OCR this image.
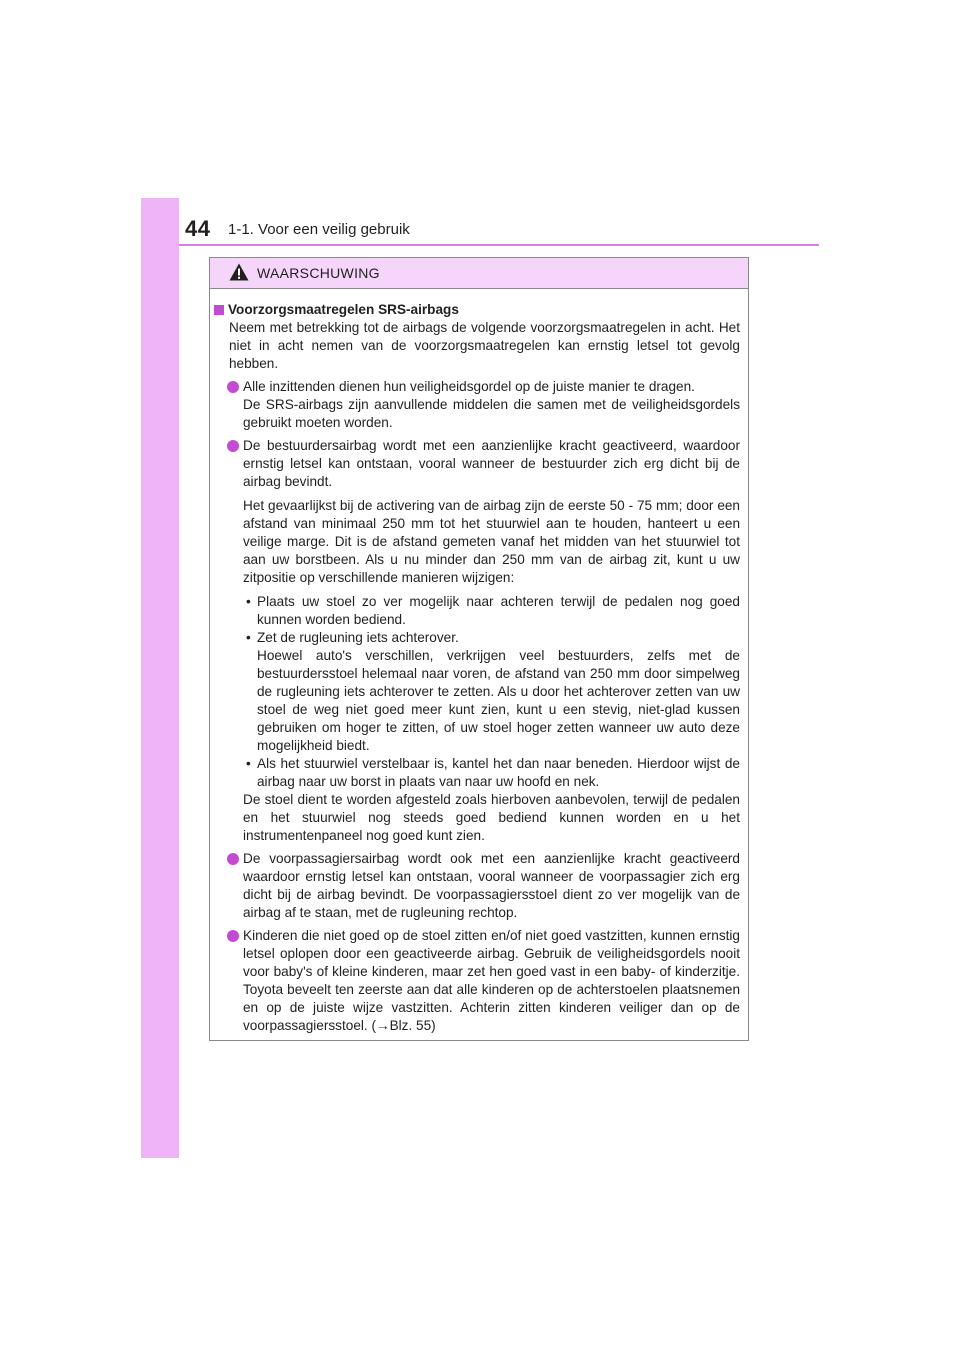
44 1-1. Voor een veilig gebruik
WAARSCHUWING
Voorzorgsmaatregelen SRS-airbags

Neem met betrekking tot de airbags de volgende voorzorgsmaatregelen in acht. Het niet in acht nemen van de voorzorgsmaatregelen kan ernstig letsel tot gevolg hebben.

Alle inzittenden dienen hun veiligheidsgordel op de juiste manier te dragen.

De SRS-airbags zijn aanvullende middelen die samen met de veiligheidsgordels gebruikt moeten worden.

De bestuurdersairbag wordt met een aanzienlijke kracht geactiveerd, waardoor ernstig letsel kan ontstaan, vooral wanneer de bestuurder zich erg dicht bij de airbag bevindt.

Het gevaarlijkst bij de activering van de airbag zijn de eerste 50 - 75 mm; door een afstand van minimaal 250 mm tot het stuurwiel aan te houden, hanteert u een veilige marge. Dit is de afstand gemeten vanaf het midden van het stuurwiel tot aan uw borstbeen. Als u nu minder dan 250 mm van de airbag zit, kunt u uw zitpositie op verschillende manieren wijzigen:

• Plaats uw stoel zo ver mogelijk naar achteren terwijl de pedalen nog goed kunnen worden bediend.
• Zet de rugleuning iets achterover.

Hoewel auto's verschillen, verkrijgen veel bestuurders, zelfs met de bestuurdersstoel helemaal naar voren, de afstand van 250 mm door simpelweg de rugleuning iets achterover te zetten. Als u door het achterover zetten van uw stoel de weg niet goed meer kunt zien, kunt u een stevig, niet-glad kussen gebruiken om hoger te zitten, of uw stoel hoger zetten wanneer uw auto deze mogelijkheid biedt.

• Als het stuurwiel verstelbaar is, kantel het dan naar beneden. Hierdoor wijst de airbag naar uw borst in plaats van naar uw hoofd en nek.

De stoel dient te worden afgesteld zoals hierboven aanbevolen, terwijl de pedalen en het stuurwiel nog steeds goed bediend kunnen worden en u het instrumentenpaneel nog goed kunt zien.

De voorpassagiersairbag wordt ook met een aanzienlijke kracht geactiveerd waardoor ernstig letsel kan ontstaan, vooral wanneer de voorpassagier zich erg dicht bij de airbag bevindt. De voorpassagiersstoel dient zo ver mogelijk van de airbag af te staan, met de rugleuning rechtop.
Kinderen die niet goed op de stoel zitten en/of niet goed vastzitten, kunnen ernstig letsel oplopen door een geactiveerde airbag. Gebruik de veiligheidsgordels nooit voor baby's of kleine kinderen, maar zet hen goed vast in een baby- of kinderzitje. Toyota beveelt ten zeerste aan dat alle kinderen op de achterstoelen plaatsnemen en op de juiste wijze vastzitten. Achterin zitten kinderen veiliger dan op de voorpassagiersstoel. (→Blz. 55)
